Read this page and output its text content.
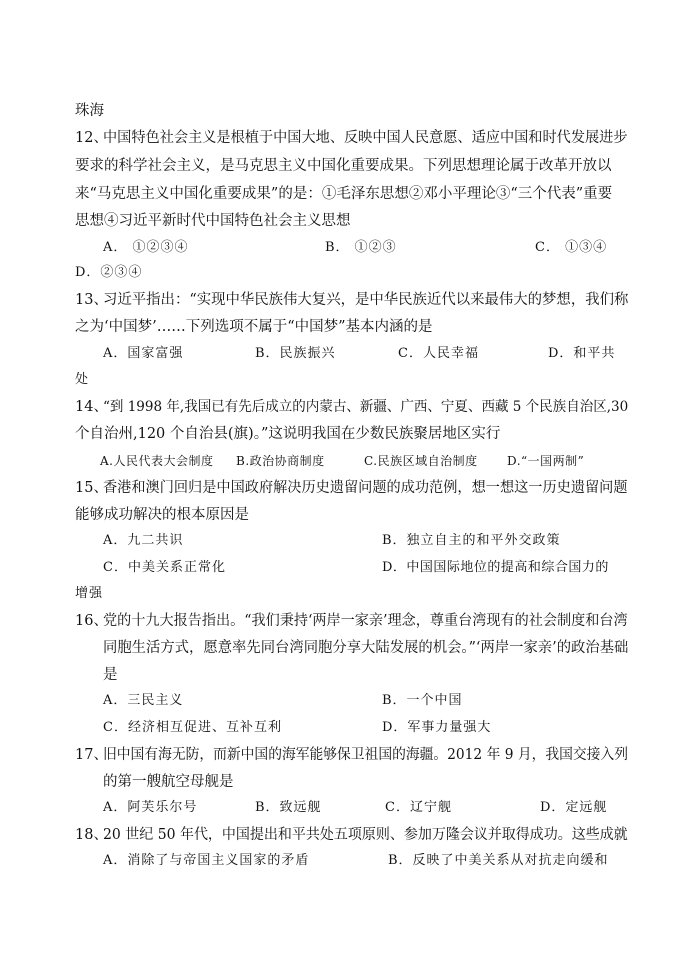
珠海
12、
中国特色社会主义是根植于中国大地、反映中国人民意愿、适应中国和时代发展进步
要求的科学社会主义，是马克思主义中国化重要成果。下列思想理论属于改革开放以
来“马克思主义中国化重要成果”的是：①毛泽东思想②邓小平理论③“三个代表”重要
思想④习近平新时代中国特色社会主义思想
A． ①②③④	B． ①②③	C． ①③④
D．②③④
13、
习近平指出：“实现中华民族伟大复兴，是中华民族近代以来最伟大的梦想，我们称
之为‘中国梦’……下列选项不属于“中国梦”基本内涵的是
A．国家富强	B．民族振兴	C．人民幸福	D．和平共
处
14、
“到 1998 年,我国已有先后成立的内蒙古、新疆、广西、宁夏、西藏 5 个民族自治区,30
个自治州,120 个自治县(旗)。”这说明我国在少数民族聚居地区实行
A.人民代表大会制度 B.政治协商制度	C.民族区域自治制度 D.“一国两制”
15、
香港和澳门回归是中国政府解决历史遗留问题的成功范例，想一想这一历史遗留问题
能够成功解决的根本原因是
A．九二共识	B．独立自主的和平外交政策
C．中美关系正常化	D．中国国际地位的提高和综合国力的
增强
16、
党的十九大报告指出。“我们秉持‘两岸一家亲’理念，尊重台湾现有的社会制度和台湾
同胞生活方式，愿意率先同台湾同胞分享大陆发展的机会。”‘两岸一家亲’的政治基础
是
A．三民主义	B．一个中国
C．经济相互促进、互补互利	D．军事力量强大
17、
旧中国有海无防，而新中国的海军能够保卫祖国的海疆。2012 年 9 月，我国交接入列
的第一艘航空母舰是
A．阿芙乐尔号	B．致远舰	C．辽宁舰	D．定远舰
18、
20 世纪 50 年代，中国提出和平共处五项原则、参加万隆会议并取得成功。这些成就
A．消除了与帝国主义国家的矛盾	B．反映了中美关系从对抗走向缓和
